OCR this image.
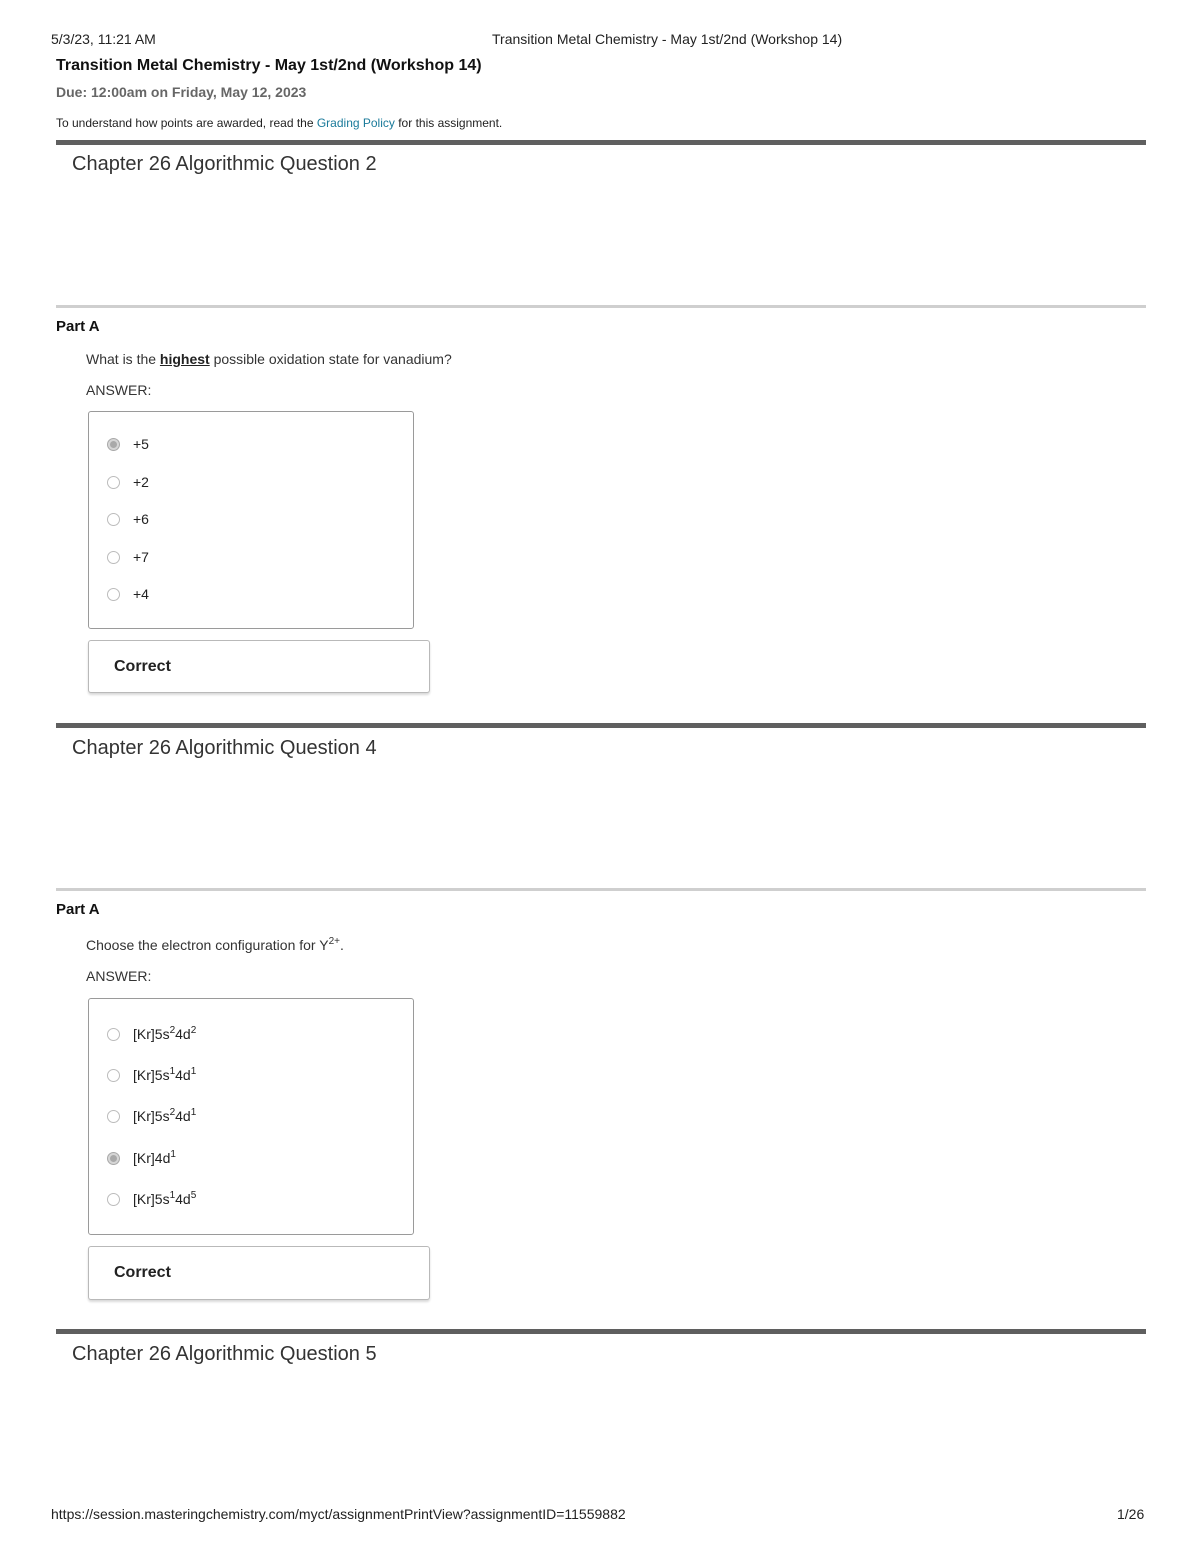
5/3/23, 11:21 AM	Transition Metal Chemistry - May 1st/2nd (Workshop 14)
Transition Metal Chemistry - May 1st/2nd (Workshop 14)
Due: 12:00am on Friday, May 12, 2023
To understand how points are awarded, read the Grading Policy for this assignment.
Chapter 26 Algorithmic Question 2
Part A
What is the highest possible oxidation state for vanadium?
ANSWER:
+5
+2
+6
+7
+4
Correct
Chapter 26 Algorithmic Question 4
Part A
Choose the electron configuration for $Y^{2+}$.
ANSWER:
$[Kr]5s^24d^2$
$[Kr]5s^14d^1$
$[Kr]5s^24d^1$
$[Kr]4d^1$
$[Kr]5s^14d^5$
Correct
Chapter 26 Algorithmic Question 5
https://session.masteringchemistry.com/myct/assignmentPrintView?assignmentID=11559882	1/26
